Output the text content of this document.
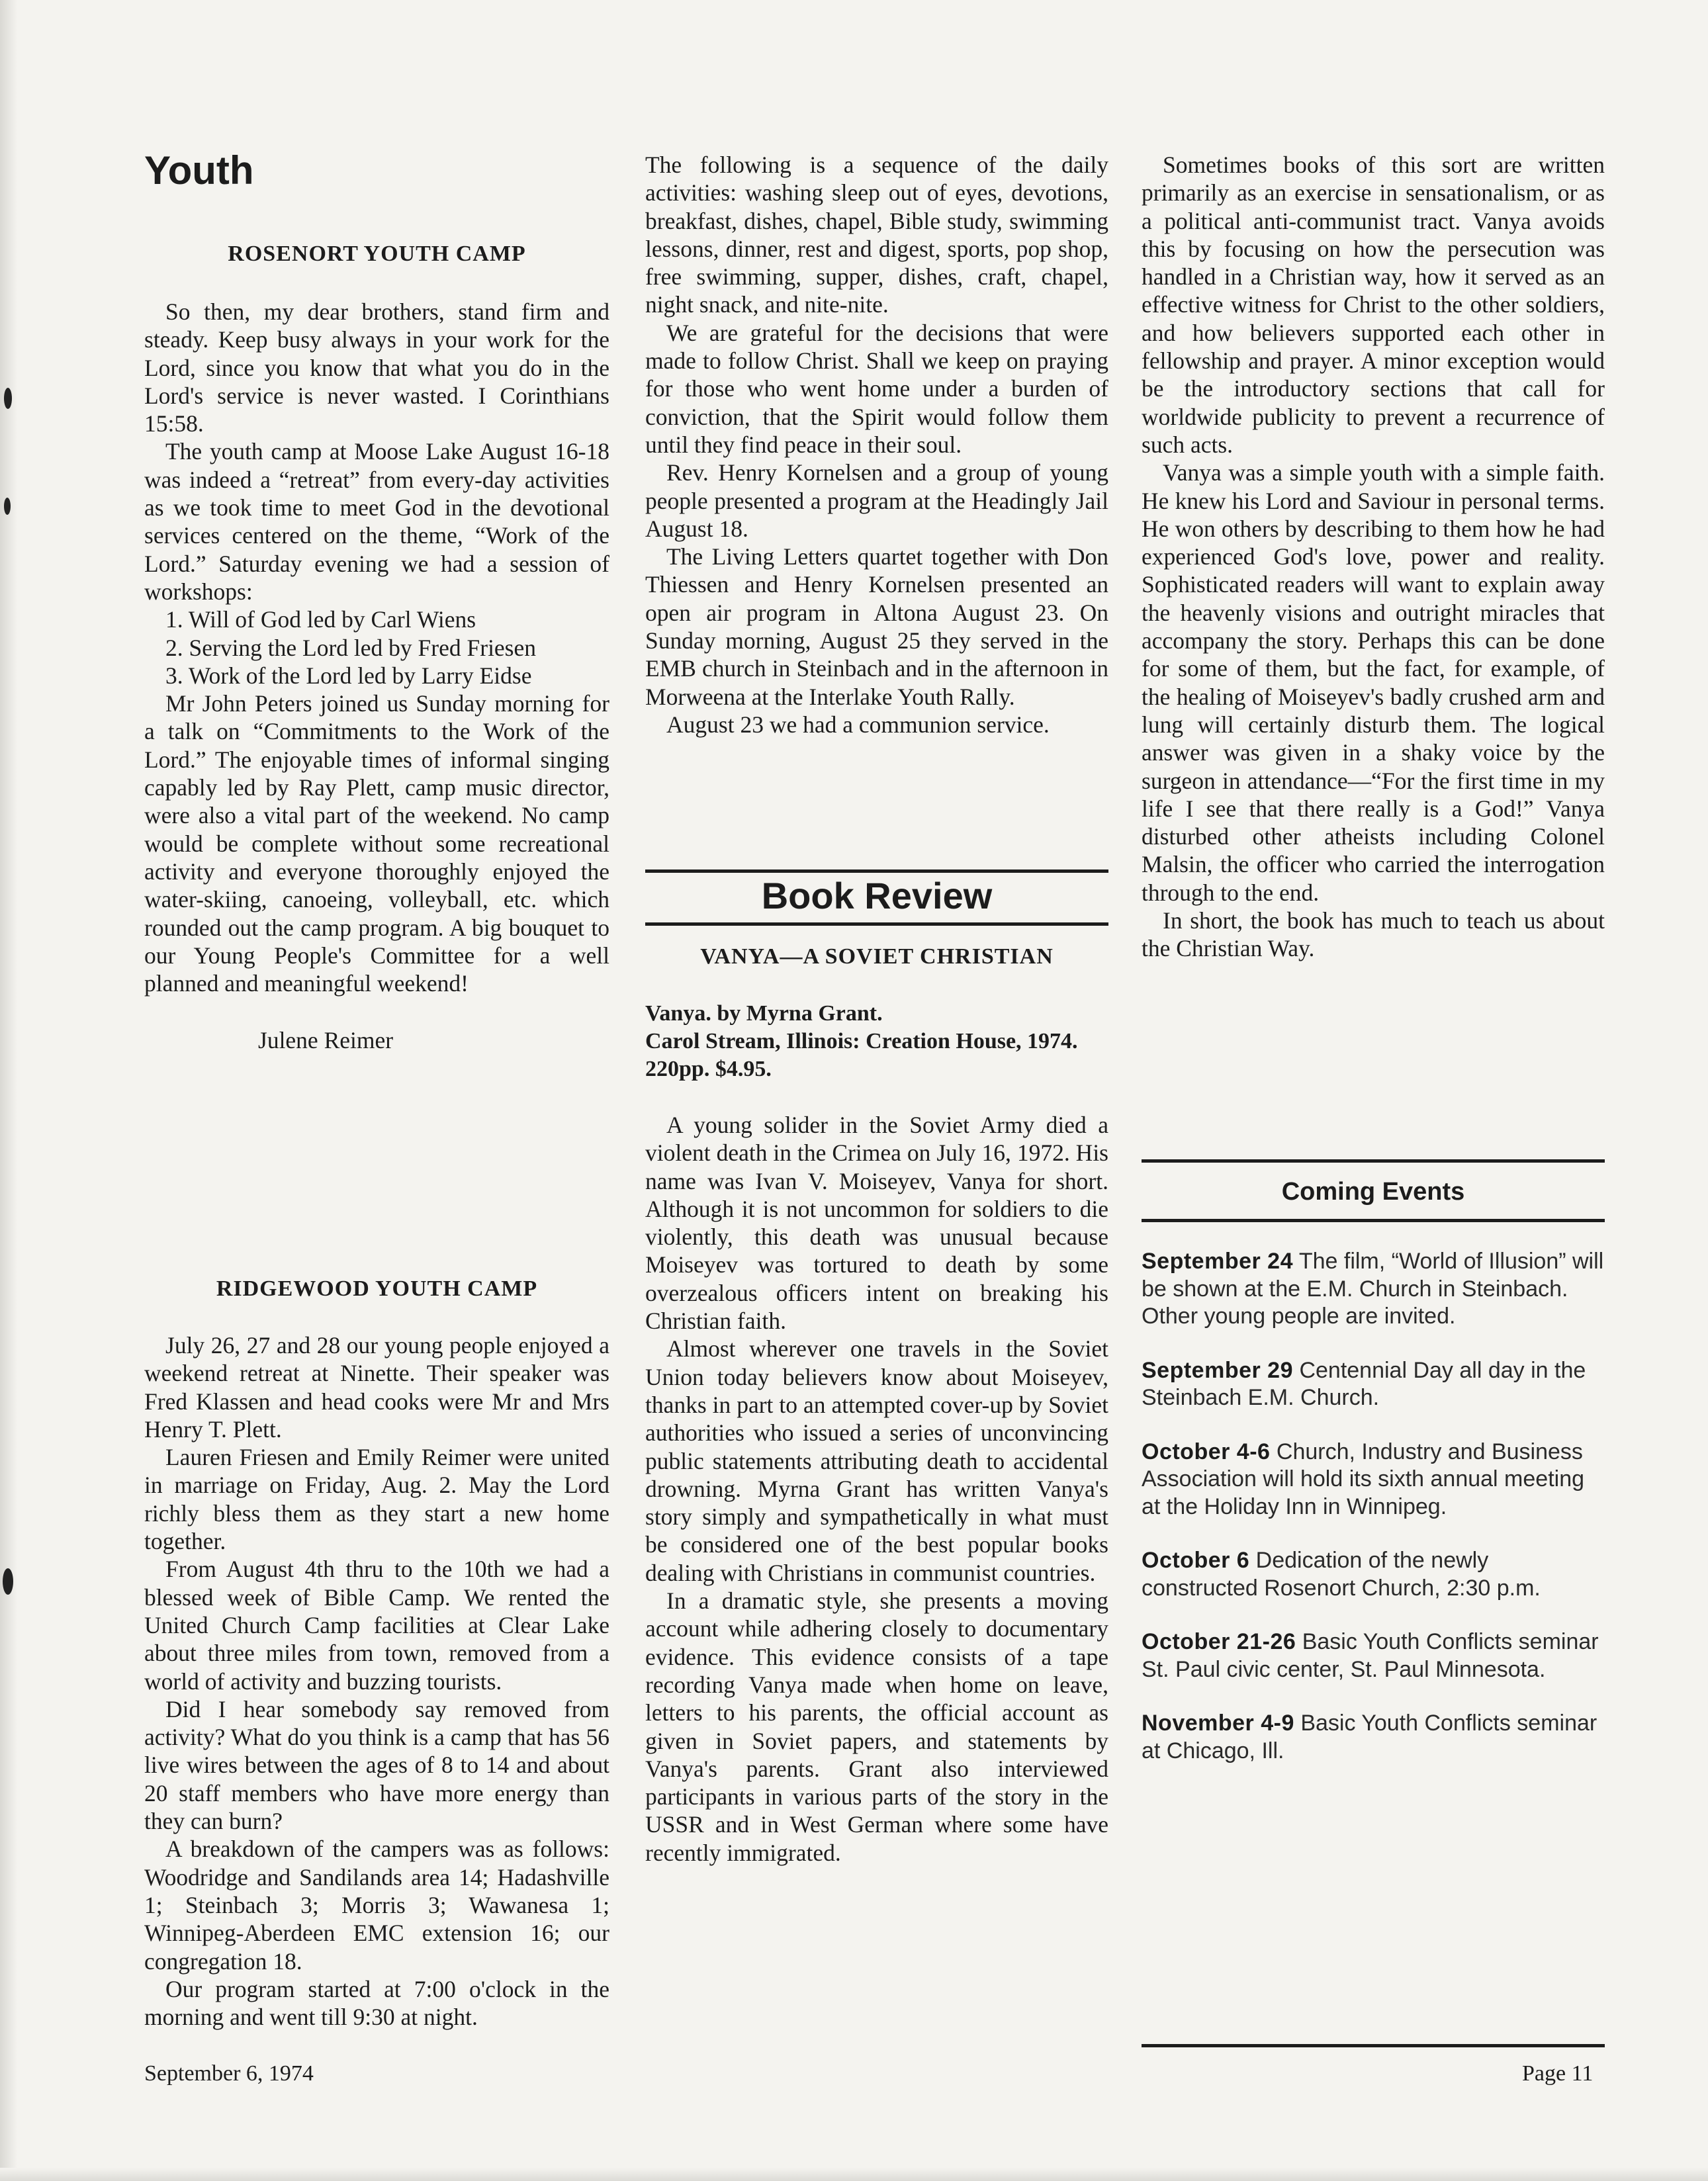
Youth
ROSENORT YOUTH CAMP

So then, my dear brothers, stand firm and steady. Keep busy always in your work for the Lord, since you know that what you do in the Lord's service is never wasted. I Corinthians 15:58.

The youth camp at Moose Lake August 16-18 was indeed a “retreat” from every-day activities as we took time to meet God in the devotional services centered on the theme, “Work of the Lord.” Saturday evening we had a session of workshops:

1. Will of God led by Carl Wiens
2. Serving the Lord led by Fred Friesen
3. Work of the Lord led by Larry Eidse

Mr John Peters joined us Sunday morning for a talk on “Commitments to the Work of the Lord.” The enjoyable times of informal singing capably led by Ray Plett, camp music director, were also a vital part of the weekend. No camp would be complete without some recreational activity and everyone thoroughly enjoyed the water-skiing, canoeing, volleyball, etc. which rounded out the camp program. A big bouquet to our Young People's Committee for a well planned and meaningful weekend!

Julene Reimer

RIDGEWOOD YOUTH CAMP

July 26, 27 and 28 our young people enjoyed a weekend retreat at Ninette. Their speaker was Fred Klassen and head cooks were Mr and Mrs Henry T. Plett.

Lauren Friesen and Emily Reimer were united in marriage on Friday, Aug. 2. May the Lord richly bless them as they start a new home together.

From August 4th thru to the 10th we had a blessed week of Bible Camp. We rented the United Church Camp facilities at Clear Lake about three miles from town, removed from a world of activity and buzzing tourists.

Did I hear somebody say removed from activity? What do you think is a camp that has 56 live wires between the ages of 8 to 14 and about 20 staff members who have more energy than they can burn?

A breakdown of the campers was as follows: Woodridge and Sandilands area 14; Hadashville 1; Steinbach 3; Morris 3; Wawanesa 1; Winnipeg-Aberdeen EMC extension 16; our congregation 18.

Our program started at 7:00 o'clock in the morning and went till 9:30 at night.

The following is a sequence of the daily activities: washing sleep out of eyes, devotions, breakfast, dishes, chapel, Bible study, swimming lessons, dinner, rest and digest, sports, pop shop, free swimming, supper, dishes, craft, chapel, night snack, and nite-nite.

We are grateful for the decisions that were made to follow Christ. Shall we keep on praying for those who went home under a burden of conviction, that the Spirit would follow them until they find peace in their soul.

Rev. Henry Kornelsen and a group of young people presented a program at the Headingly Jail August 18.

The Living Letters quartet together with Don Thiessen and Henry Kornelsen presented an open air program in Altona August 23. On Sunday morning, August 25 they served in the EMB church in Steinbach and in the afternoon in Morweena at the Interlake Youth Rally.

August 23 we had a communion service.

Book Review
VANYA—A SOVIET CHRISTIAN

Vanya. by Myrna Grant.

Carol Stream, Illinois: Creation House, 1974.

220pp. $4.95.

A young solider in the Soviet Army died a violent death in the Crimea on July 16, 1972. His name was Ivan V. Moiseyev, Vanya for short. Although it is not uncommon for soldiers to die violently, this death was unusual because Moiseyev was tortured to death by some overzealous officers intent on breaking his Christian faith.

Almost wherever one travels in the Soviet Union today believers know about Moiseyev, thanks in part to an attempted cover-up by Soviet authorities who issued a series of unconvincing public statements attributing death to accidental drowning. Myrna Grant has written Vanya's story simply and sympathetically in what must be considered one of the best popular books dealing with Christians in communist countries.

In a dramatic style, she presents a moving account while adhering closely to documentary evidence. This evidence consists of a tape recording Vanya made when home on leave, letters to his parents, the official account as given in Soviet papers, and statements by Vanya's parents. Grant also interviewed participants in various parts of the story in the USSR and in West German where some have recently immigrated.

Sometimes books of this sort are written primarily as an exercise in sensationalism, or as a political anti-communist tract. Vanya avoids this by focusing on how the persecution was handled in a Christian way, how it served as an effective witness for Christ to the other soldiers, and how believers supported each other in fellowship and prayer. A minor exception would be the introductory sections that call for worldwide publicity to prevent a recurrence of such acts.

Vanya was a simple youth with a simple faith. He knew his Lord and Saviour in personal terms. He won others by describing to them how he had experienced God's love, power and reality. Sophisticated readers will want to explain away the heavenly visions and outright miracles that accompany the story. Perhaps this can be done for some of them, but the fact, for example, of the healing of Moiseyev's badly crushed arm and lung will certainly disturb them. The logical answer was given in a shaky voice by the surgeon in attendance—“For the first time in my life I see that there really is a God!” Vanya disturbed other atheists including Colonel Malsin, the officer who carried the interrogation through to the end.

In short, the book has much to teach us about the Christian Way.

Coming Events
September 24 The film, “World of Illusion” will be shown at the E.M. Church in Steinbach. Other young people are invited.
September 29 Centennial Day all day in the Steinbach E.M. Church.
October 4-6 Church, Industry and Business Association will hold its sixth annual meeting at the Holiday Inn in Winnipeg.
October 6 Dedication of the newly constructed Rosenort Church, 2:30 p.m.
October 21-26 Basic Youth Conflicts seminar St. Paul civic center, St. Paul Minnesota.
November 4-9 Basic Youth Conflicts seminar at Chicago, Ill.
September 6, 1974	Page 11
